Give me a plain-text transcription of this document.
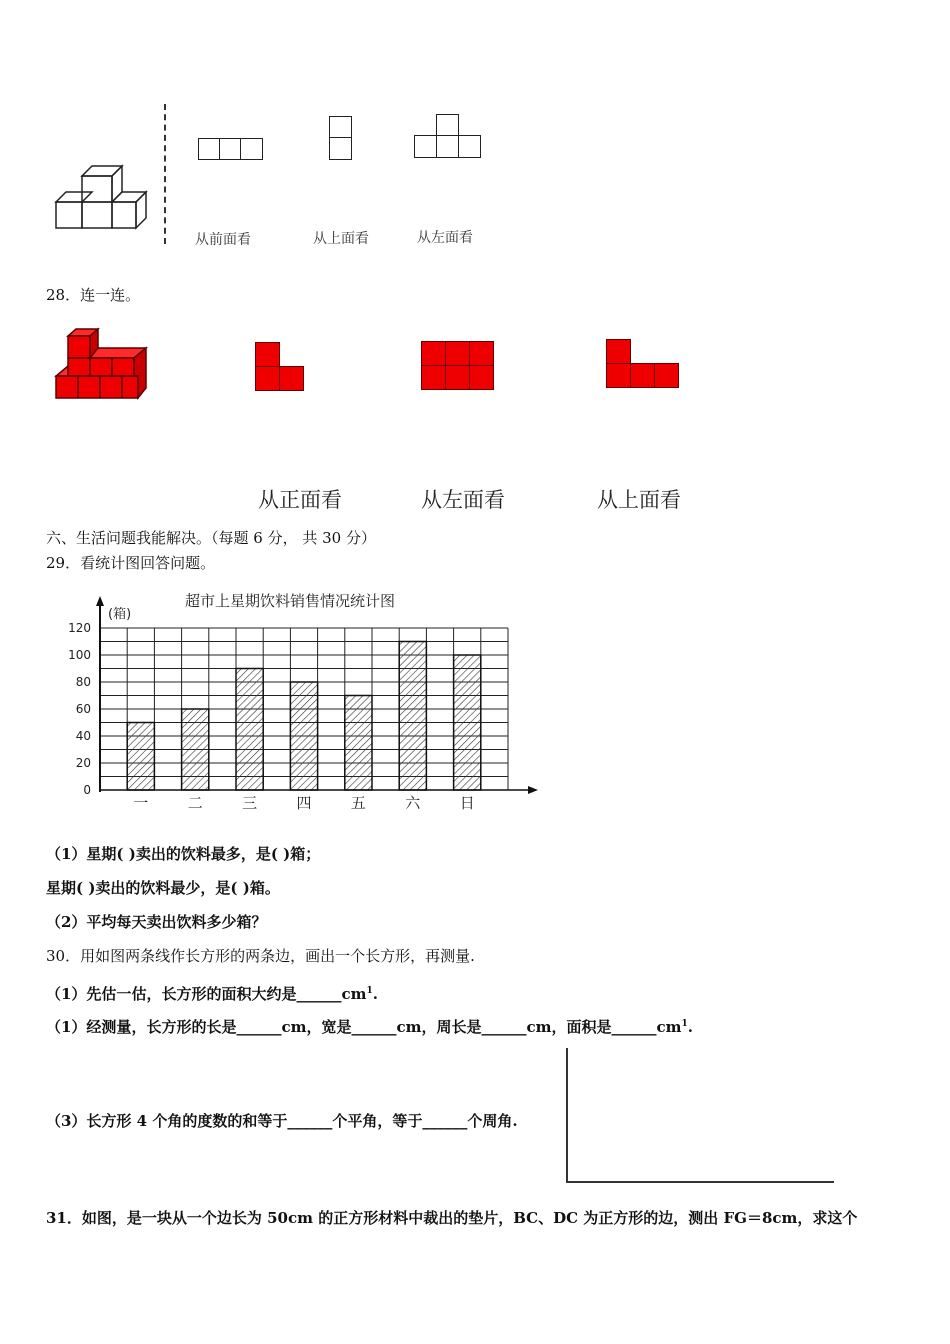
从前面看	从上面看	从左面看
28．连一连。
从正面看	从左面看	从上面看
六、生活问题我能解决。（每题 6 分， 共 30 分）
29．看统计图回答问题。
超市上星期饮料销售情况统计图
(箱)
0
20
40
60
80
100
120
一	二	三	四	五	六	日
（1）星期( )卖出的饮料最多，是( )箱；
星期( )卖出的饮料最少，是( )箱。
（2）平均每天卖出饮料多少箱？
30．用如图两条线作长方形的两条边，画出一个长方形，再测量.
（1）先估一估，长方形的面积大约是$\_\_\_\_\_\_cm^1$.
（1）经测量，长方形的长是______cm，宽是______cm，周长是______cm，面积是$\_\_\_\_\_\_cm^1$.
（3）长方形 4 个角的度数的和等于______个平角，等于______个周角.
31．如图，是一块从一个边长为 50cm 的正方形材料中裁出的垫片，BC、DC 为正方形的边，测出 FG＝8cm，求这个
